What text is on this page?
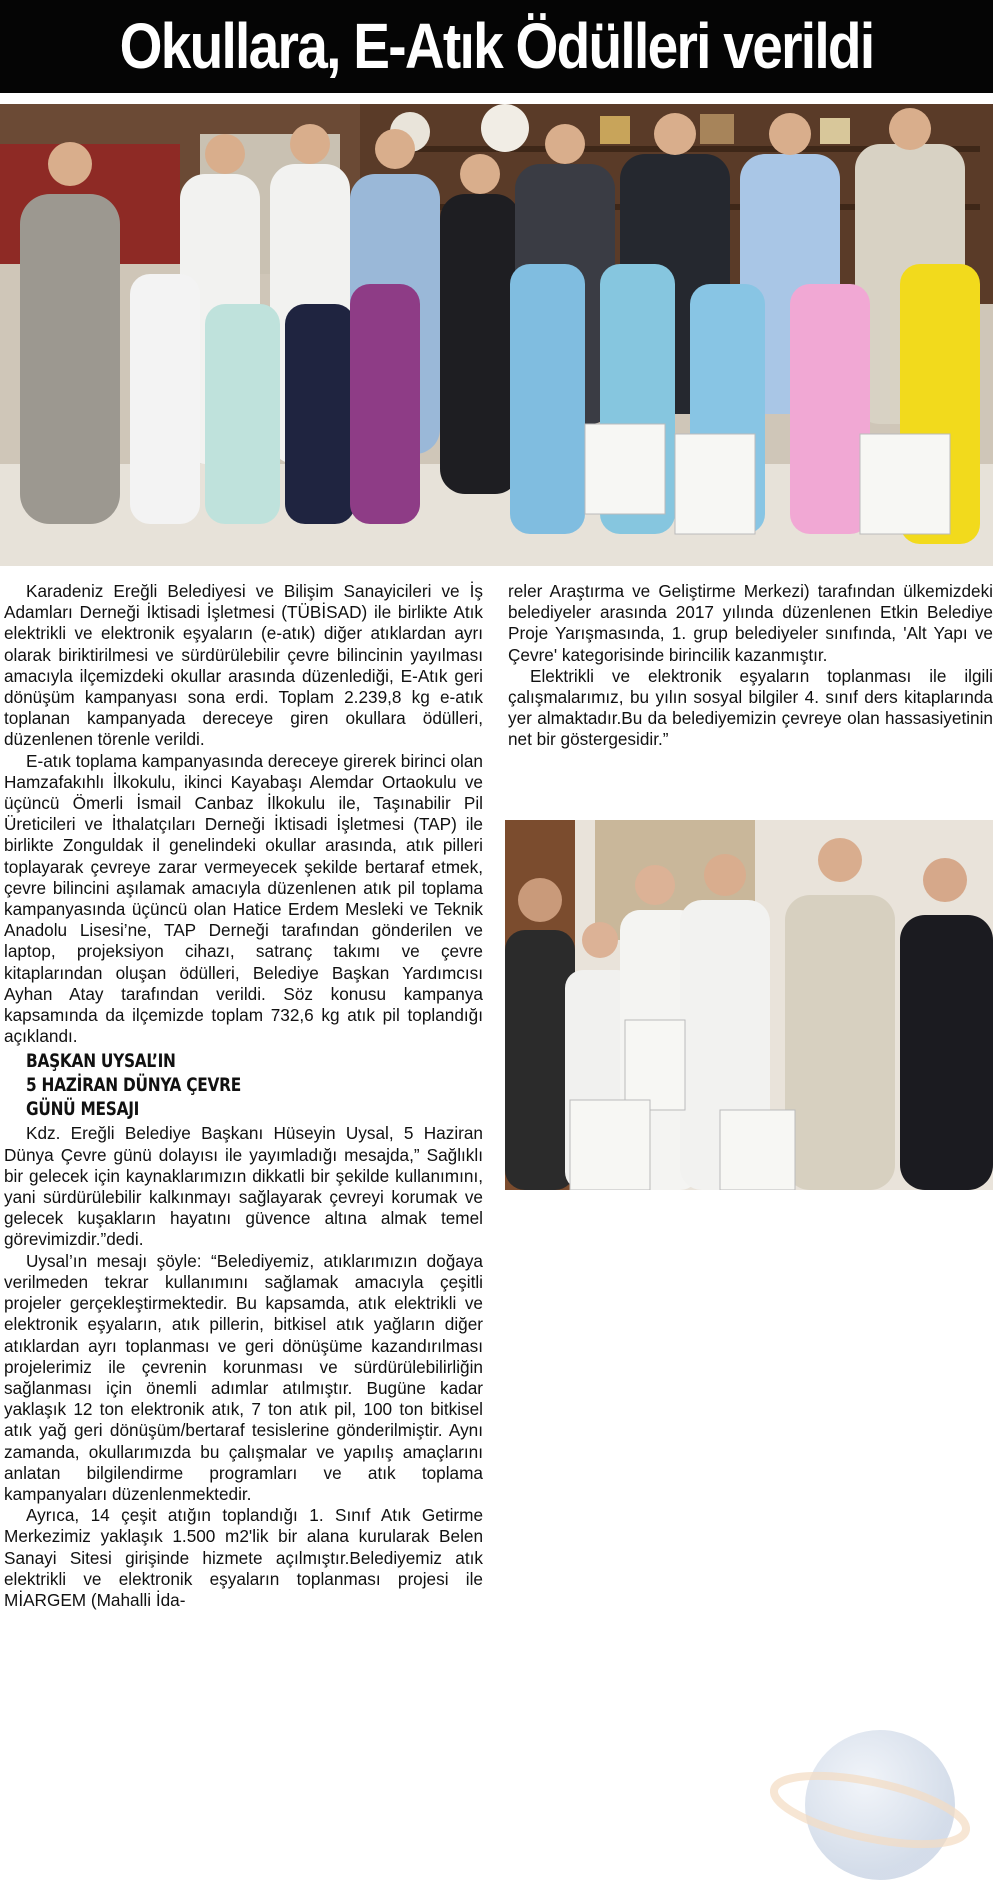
Okullara, E-Atık Ödülleri verildi

Karadeniz Ereğli Belediyesi ve Bilişim Sanayicileri ve İş Adamları Derneği İktisadi İşletmesi (TÜBİSAD) ile birlikte Atık elektrikli ve elektronik eşyaların (e-atık) diğer atıklardan ayrı olarak biriktirilmesi ve sürdürülebilir çevre bilincinin yayılması amacıyla ilçemizdeki okullar arasında düzenlediği, E-Atık geri dönüşüm kampanyası sona erdi. Toplam 2.239,8 kg e-atık toplanan kampanyada dereceye giren okullara ödülleri, düzenlenen törenle verildi.

E-atık toplama kampanyasında dereceye girerek birinci olan Hamzafakıhlı İlkokulu, ikinci Kayabaşı Alemdar Ortaokulu ve üçüncü Ömerli İsmail Canbaz İlkokulu ile, Taşınabilir Pil Üreticileri ve İthalatçıları Derneği İktisadi İşletmesi (TAP) ile birlikte Zonguldak il genelindeki okullar arasında, atık pilleri toplayarak çevreye zarar vermeyecek şekilde bertaraf etmek, çevre bilincini aşılamak amacıyla düzenlenen atık pil toplama kampanyasında üçüncü olan Hatice Erdem Mesleki ve Teknik Anadolu Lisesi’ne, TAP Derneği tarafından gönderilen ve laptop, projeksiyon cihazı, satranç takımı ve çevre kitaplarından oluşan ödülleri, Belediye Başkan Yardımcısı Ayhan Atay tarafından verildi. Söz konusu kampanya kapsamında da ilçemizde toplam 732,6 kg atık pil toplandığı açıklandı.

BAŞKAN UYSAL’IN
5 HAZİRAN DÜNYA ÇEVRE
GÜNÜ MESAJI

Kdz. Ereğli Belediye Başkanı Hüseyin Uysal, 5 Haziran Dünya Çevre günü dolayısı ile yayımladığı mesajda,” Sağlıklı bir gelecek için kaynaklarımızın dikkatli bir şekilde kullanımını, yani sürdürülebilir kalkınmayı sağlayarak çevreyi korumak ve gelecek kuşakların hayatını güvence altına almak temel görevimizdir.”dedi.

Uysal’ın mesajı şöyle: “Belediyemiz, atıklarımızın doğaya verilmeden tekrar kullanımını sağlamak amacıyla çeşitli projeler gerçekleştirmektedir. Bu kapsamda, atık elektrikli ve elektronik eşyaların, atık pillerin, bitkisel atık yağların diğer atıklardan ayrı toplanması ve geri dönüşüme kazandırılması projelerimiz ile çevrenin korunması ve sürdürülebilirliğin sağlanması için önemli adımlar atılmıştır. Bugüne kadar yaklaşık 12 ton elektronik atık, 7 ton atık pil, 100 ton bitkisel atık yağ geri dönüşüm/bertaraf tesislerine gönderilmiştir. Aynı zamanda, okullarımızda bu çalışmalar ve yapılış amaçlarını anlatan bilgilendirme programları ve atık toplama kampanyaları düzenlenmektedir.

Ayrıca, 14 çeşit atığın toplandığı 1. Sınıf Atık Getirme Merkezimiz yaklaşık 1.500 m2'lik bir alana kurularak Belen Sanayi Sitesi girişinde hizmete açılmıştır.Belediyemiz atık elektrikli ve elektronik eşyaların toplanması projesi ile MİARGEM (Mahalli İda-

reler Araştırma ve Geliştirme Merkezi) tarafından ülkemizdeki belediyeler arasında 2017 yılında düzenlenen Etkin Belediye Proje Yarışmasında, 1. grup belediyeler sınıfında, 'Alt Yapı ve Çevre' kategorisinde birincilik kazanmıştır.

Elektrikli ve elektronik eşyaların toplanması ile ilgili çalışmalarımız, bu yılın sosyal bilgiler 4. sınıf ders kitaplarında yer almaktadır.Bu da belediyemizin çevreye olan hassasiyetinin net bir göstergesidir.”
